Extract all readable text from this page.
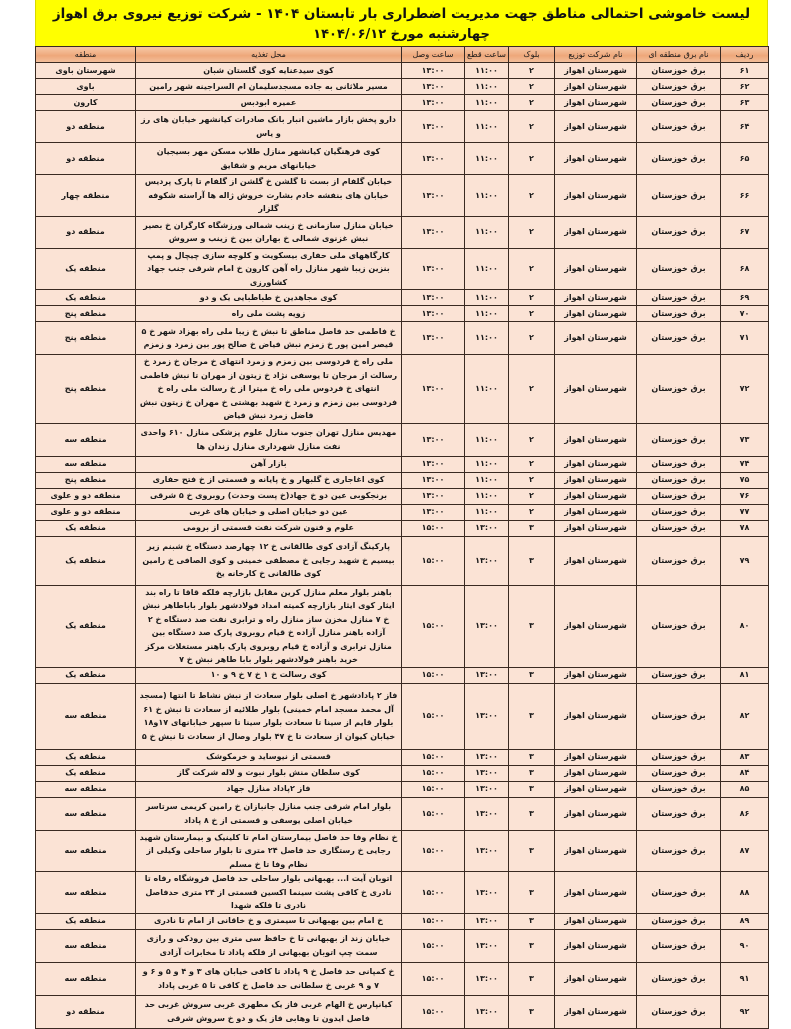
لیست خاموشی احتمالی مناطق جهت مدیریت اضطراری بار تابستان ۱۴۰۴ - شرکت توزیع نیروی برق اهواز
چهارشنبه مورخ ۱۴۰۴/۰۶/۱۲
ردیف	نام برق منطقه ای	نام شرکت توزیع	بلوک	ساعت قطع	ساعت وصل	محل تغذیه	منطقه
۶۱	برق خوزستان	شهرستان اهواز	۲	۱۱:۰۰	۱۳:۰۰	کوی سیدعنایه کوی گلستان شبان	شهرستان باوی
۶۲	برق خوزستان	شهرستان اهواز	۲	۱۱:۰۰	۱۳:۰۰	مسیر ملاثانی به جاده مسجدسلیمان ام السراجینه شهر رامین	باوی
۶۳	برق خوزستان	شهرستان اهواز	۲	۱۱:۰۰	۱۳:۰۰	عمیره ابودبس	کارون
۶۴	برق خوزستان	شهرستان اهواز	۲	۱۱:۰۰	۱۳:۰۰	دارو پخش بازار ماشین انبار بانک صادرات کیانشهر خیابان های رز و یاس	منطقه دو
۶۵	برق خوزستان	شهرستان اهواز	۲	۱۱:۰۰	۱۳:۰۰	کوی فرهنگیان کیانشهر منازل طلاب مسکن مهر بسیجیان خیابانهای مریم و شقایق	منطقه دو
۶۶	برق خوزستان	شهرستان اهواز	۲	۱۱:۰۰	۱۳:۰۰	خیابان گلفام از بست تا گلشن خ گلشن از گلفام تا پارک پردیس خیابان های بنفشه خادم بشارت خروش ژاله ها آراسته شکوفه گلزار	منطقه چهار
۶۷	برق خوزستان	شهرستان اهواز	۲	۱۱:۰۰	۱۳:۰۰	خیابان منازل سازمانی خ زینب شمالی ورزشگاه کارگران خ بصیر نبش غزنوی شمالی خ بهاران بین خ زینب و سروش	منطقه دو
۶۸	برق خوزستان	شهرستان اهواز	۲	۱۱:۰۰	۱۳:۰۰	کارگاههای ملی حفاری بیسکویت و کلوچه سازی چیچال و پمپ بنزین زیبا شهر منازل راه آهن کارون خ امام شرقی جنب جهاد کشاورزی	منطقه یک
۶۹	برق خوزستان	شهرستان اهواز	۲	۱۱:۰۰	۱۳:۰۰	کوی مجاهدین خ طباطبایی یک و دو	منطقه یک
۷۰	برق خوزستان	شهرستان اهواز	۲	۱۱:۰۰	۱۳:۰۰	زویه پشت ملی راه	منطقه پنج
۷۱	برق خوزستان	شهرستان اهواز	۲	۱۱:۰۰	۱۳:۰۰	خ فاطمی حد فاصل مناطق تا نبش خ زیبا ملی راه بهزاد شهر خ ۵ قیصر امین پور خ زمزم نبش فیاض خ صالح پور بین زمرد و زمزم	منطقه پنج
۷۲	برق خوزستان	شهرستان اهواز	۲	۱۱:۰۰	۱۳:۰۰	ملی راه خ فردوسی بین زمزم و زمرد انتهای خ مرجان خ زمرد خ رسالت از مرجان تا یوسفی نژاد خ زیتون از مهران تا نبش فاطمی انتهای خ فردوس ملی راه خ میترا از خ رسالت ملی راه خ فردوسی بین زمزم و زمرد خ شهید بهشتی خ مهران خ زیتون نبش فاضل زمرد نبش فیاض	منطقه پنج
۷۳	برق خوزستان	شهرستان اهواز	۲	۱۱:۰۰	۱۳:۰۰	مهدیس منازل تهران جنوب منازل علوم پزشکی منازل ۶۱۰ واحدی نفت منازل شهرداری منازل زندان ها	منطقه سه
۷۴	برق خوزستان	شهرستان اهواز	۲	۱۱:۰۰	۱۳:۰۰	بازار آهن	منطقه سه
۷۵	برق خوزستان	شهرستان اهواز	۲	۱۱:۰۰	۱۳:۰۰	کوی اغاجاری خ گلبهار و خ پایانه و قسمتی از خ فتح حفاری	منطقه پنج
۷۶	برق خوزستان	شهرستان اهواز	۲	۱۱:۰۰	۱۳:۰۰	برنجکوبی عین دو خ جهاد(خ پست وحدت) روبروی خ ۵ شرقی	منطقه دو و علوی
۷۷	برق خوزستان	شهرستان اهواز	۲	۱۱:۰۰	۱۳:۰۰	عین دو خیابان اصلی و خیابان های غربی	منطقه دو و علوی
۷۸	برق خوزستان	شهرستان اهواز	۳	۱۳:۰۰	۱۵:۰۰	علوم و فنون شرکت نفت قسمتی از برومی	منطقه یک
۷۹	برق خوزستان	شهرستان اهواز	۳	۱۳:۰۰	۱۵:۰۰	پارکینگ آزادی کوی طالقانی خ ۱۲ چهارصد دستگاه خ شبنم زیر بیسیم خ شهید رجایی خ مصطفی خمینی و کوی الصافی خ رامین کوی طالقانی خ کارخانه یخ	منطقه یک
۸۰	برق خوزستان	شهرستان اهواز	۳	۱۳:۰۰	۱۵:۰۰	باهنر بلوار معلم منازل کرین مقابل بازارچه فلکه قاقا تا راه بند ایثار کوی ایثار بازارچه کمیته امداد فولادشهر بلوار باباطاهر نبش خ ۷ منازل مخزن ساز منازل راه و ترابری نفت صد دستگاه خ ۲ آزاده باهنر منازل آزاده خ قیام روبروی پارک صد دستگاه بین منازل ترابری و آزاده خ قیام روبروی پارک باهنر مستغلات مرکز خرید باهنر فولادشهر بلوار بابا طاهر نبش خ ۷	منطقه یک
۸۱	برق خوزستان	شهرستان اهواز	۳	۱۳:۰۰	۱۵:۰۰	کوی رسالت خ ۱ خ ۷ خ ۹ و ۱۰	منطقه یک
۸۲	برق خوزستان	شهرستان اهواز	۳	۱۳:۰۰	۱۵:۰۰	فاز ۲ پادادشهر خ اصلی بلوار سعادت از نبش نشاط تا انتها (مسجد آل محمد مسجد امام خمینی) بلوار طلائیه از سعادت تا نبش خ ۶۱ بلوار قایم از سینا تا سعادت بلوار سینا تا سپهر خیابانهای ۱۷و۱۸ خیابان کیوان از سعادت تا خ ۴۷ بلوار وصال از سعادت تا نبش خ ۵	منطقه سه
۸۳	برق خوزستان	شهرستان اهواز	۳	۱۳:۰۰	۱۵:۰۰	قسمتی از نیوساید و خرمکوشک	منطقه یک
۸۴	برق خوزستان	شهرستان اهواز	۳	۱۳:۰۰	۱۵:۰۰	کوی سلطان منش بلوار نبوت و لاله شرکت گاز	منطقه یک
۸۵	برق خوزستان	شهرستان اهواز	۳	۱۳:۰۰	۱۵:۰۰	فاز ۲پاداد منازل جهاد	منطقه سه
۸۶	برق خوزستان	شهرستان اهواز	۳	۱۳:۰۰	۱۵:۰۰	بلوار امام شرقی جنب منازل جانبازان خ رامین کریمی سرتاسر خیابان اصلی یوسفی و قسمتی از خ ۸ پاداد	منطقه سه
۸۷	برق خوزستان	شهرستان اهواز	۳	۱۳:۰۰	۱۵:۰۰	خ نظام وفا حد فاصل بیمارستان امام تا کلینیک و بیمارستان شهید رجایی خ رستگاری حد فاصل ۲۴ متری تا بلوار ساحلی وکیلی از نظام وفا تا خ مسلم	منطقه سه
۸۸	برق خوزستان	شهرستان اهواز	۳	۱۳:۰۰	۱۵:۰۰	اتوبان آیت ا... بهبهانی بلوار ساحلی حد فاصل فروشگاه رفاه تا نادری خ کافی پشت سینما اکسین قسمتی از ۲۴ متری حدفاصل نادری تا فلکه شهدا	منطقه سه
۸۹	برق خوزستان	شهرستان اهواز	۳	۱۳:۰۰	۱۵:۰۰	خ امام بین بهبهانی تا سیمتری و خ خاقانی از امام تا نادری	منطقه یک
۹۰	برق خوزستان	شهرستان اهواز	۳	۱۳:۰۰	۱۵:۰۰	خیابان زند از بهبهانی تا خ حافظ سی متری بین رودکی و رازی سمت چپ اتوبان بهبهانی از فلکه پاداد تا مخابرات آزادی	منطقه سه
۹۱	برق خوزستان	شهرستان اهواز	۳	۱۳:۰۰	۱۵:۰۰	خ کمپانی حد فاصل خ ۹ پاداد تا کافی خیابان های ۳ و ۴ و ۵ و ۶ و ۷ و ۹ غربی خ سلطانی حد فاصل خ کافی تا ۵ غربی پاداد	منطقه سه
۹۲	برق خوزستان	شهرستان اهواز	۳	۱۳:۰۰	۱۵:۰۰	کیانپارس خ الهام غربی فاز یک مطهری غربی سروش غربی حد فاصل ایدون تا وهابی فاز یک و دو خ سروش شرقی	منطقه دو
